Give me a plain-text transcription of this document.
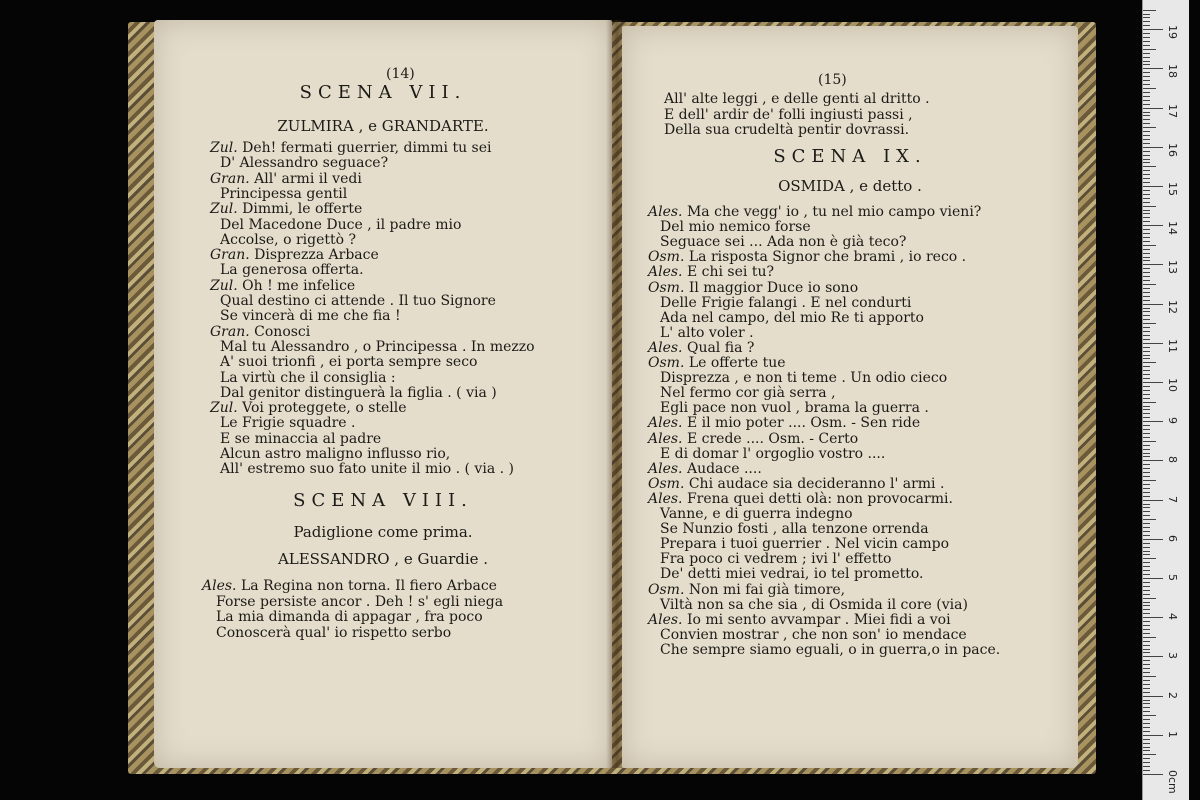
(14)
SCENA VII.
ZULMIRA , e GRANDARTE.
Zul. Deh! fermati guerrier, dimmi tu sei
D' Alessandro seguace?
Gran. All' armi il vedi
Principessa gentil
Zul. Dimmi, le offerte
Del Macedone Duce , il padre mio
Accolse, o rigettò ?
Gran. Disprezza Arbace
La generosa offerta.
Zul. Oh ! me infelice
Qual destino ci attende . Il tuo Signore
Se vincerà di me che fia !
Gran. Conosci
Mal tu Alessandro , o Principessa . In mezzo
A' suoi trionfi , ei porta sempre seco
La virtù che il consiglia :
Dal genitor distinguerà la figlia . ( via )
Zul. Voi proteggete, o stelle
Le Frigie squadre .
E se minaccia al padre
Alcun astro maligno influsso rio,
All' estremo suo fato unite il mio . ( via . )
SCENA VIII.
Padiglione come prima.
ALESSANDRO , e Guardie .
Ales. La Regina non torna. Il fiero Arbace
Forse persiste ancor . Deh ! s' egli niega
La mia dimanda di appagar , fra poco
Conoscerà qual' io rispetto serbo
(15)
All' alte leggi , e delle genti al dritto .
E dell' ardir de' folli ingiusti passi ,
Della sua crudeltà pentir dovrassi.
SCENA IX.
OSMIDA , e detto .
Ales. Ma che vegg' io , tu nel mio campo vieni?
Del mio nemico forse
Seguace sei ... Ada non è già teco?
Osm. La risposta Signor che brami , io reco .
Ales. E chi sei tu?
Osm. Il maggior Duce io sono
Delle Frigie falangi . E nel condurti
Ada nel campo, del mio Re ti apporto
L' alto voler .
Ales. Qual fia ?
Osm. Le offerte tue
Disprezza , e non ti teme . Un odio cieco
Nel fermo cor già serra ,
Egli pace non vuol , brama la guerra .
Ales. E il mio poter .... Osm. - Sen ride
Ales. E crede .... Osm. - Certo
E di domar l' orgoglio vostro ....
Ales. Audace ....
Osm. Chi audace sia decideranno l' armi .
Ales. Frena quei detti olà: non provocarmi.
Vanne, e di guerra indegno
Se Nunzio fosti , alla tenzone orrenda
Prepara i tuoi guerrier . Nel vicin campo
Fra poco ci vedrem ; ivi l' effetto
De' detti miei vedrai, io tel prometto.
Osm. Non mi fai già timore,
Viltà non sa che sia , di Osmida il core (via)
Ales. Io mi sento avvampar . Miei fidi a voi
Convien mostrar , che non son' io mendace
Che sempre siamo eguali, o in guerra,o in pace.
0cm
1
2
3
4
5
6
7
8
9
10
11
12
13
14
15
16
17
18
19
